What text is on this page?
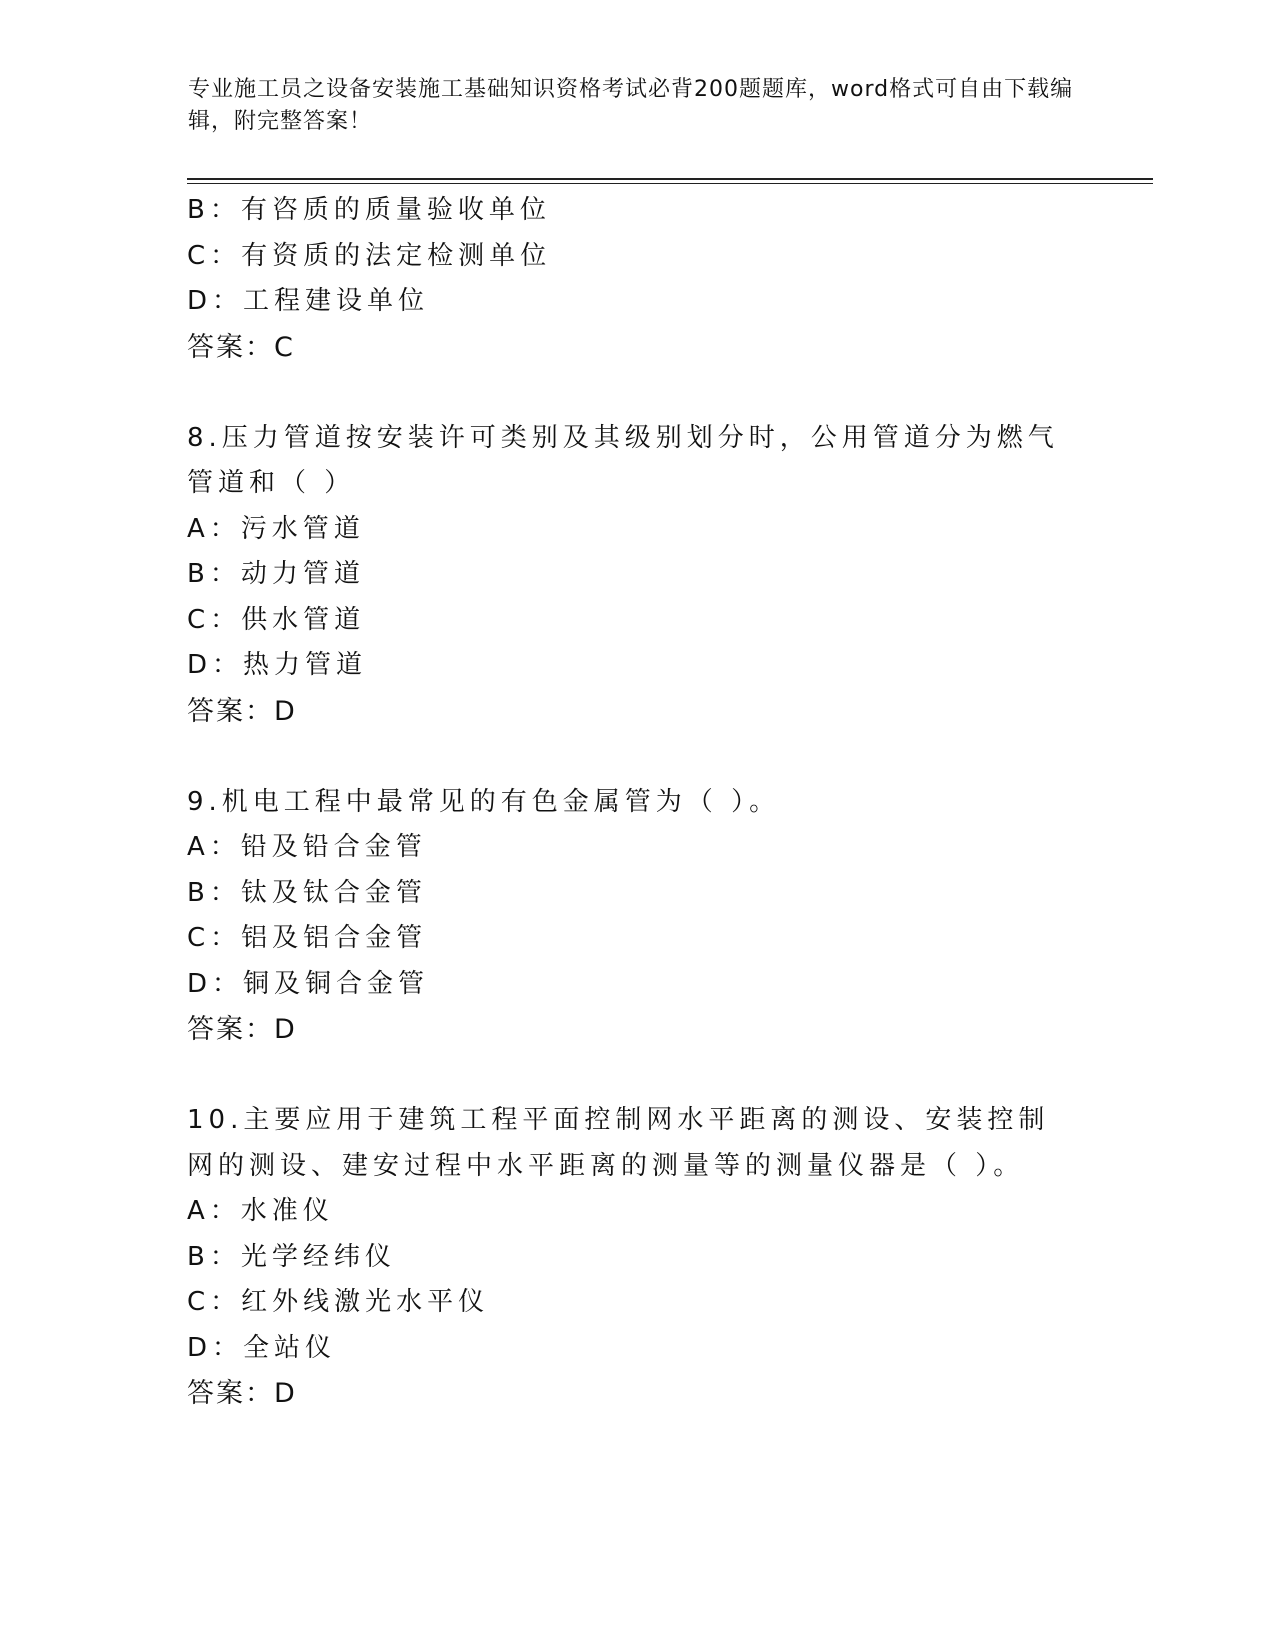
专业施工员之设备安装施工基础知识资格考试必背200题题库，word格式可自由下载编辑，附完整答案！
B：有咨质的质量验收单位
C：有资质的法定检测单位
D：工程建设单位
答案：C
8.压力管道按安装许可类别及其级别划分时，公用管道分为燃气管道和（ ）
A：污水管道
B：动力管道
C：供水管道
D：热力管道
答案：D
9.机电工程中最常见的有色金属管为（ ）。
A：铅及铅合金管
B：钛及钛合金管
C：铝及铝合金管
D：铜及铜合金管
答案：D
10.主要应用于建筑工程平面控制网水平距离的测设、安装控制网的测设、建安过程中水平距离的测量等的测量仪器是（ ）。
A：水准仪
B：光学经纬仪
C：红外线激光水平仪
D：全站仪
答案：D
